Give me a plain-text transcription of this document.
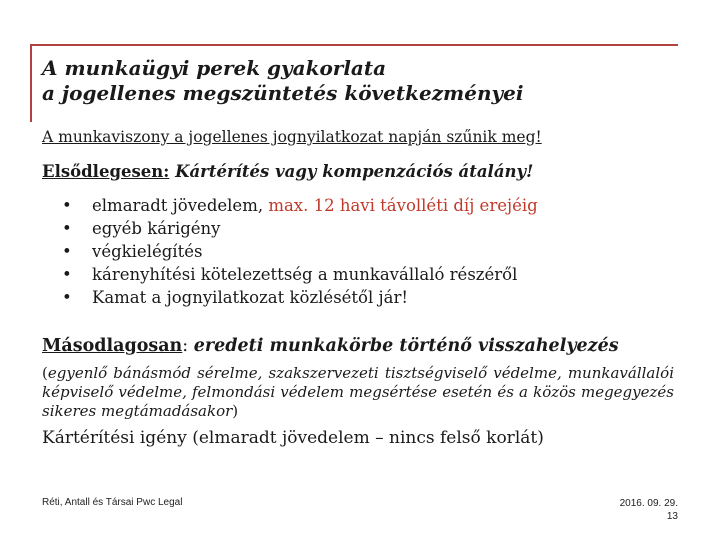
A munkaügyi perek gyakorlata
a jogellenes megszüntetés következményei
A munkaviszony a jogellenes jognyilatkozat napján szűnik meg!
Elsődlegesen: Kártérítés vagy kompenzációs átalány!
• elmaradt jövedelem, max. 12 havi távolléti díj erejéig
• egyéb kárigény
• végkielégítés
• kárenyhítési kötelezettség a munkavállaló részéről
• Kamat a jognyilatkozat közlésétől jár!
Másodlagosan: eredeti munkakörbe történő visszahelyezés
(egyenlő bánásmód sérelme, szakszervezeti tisztségviselő védelme, munkavállalói képviselő védelme, felmondási védelem megsértése esetén és a közös megegyezés sikeres megtámadásakor)
Kártérítési igény (elmaradt jövedelem – nincs felső korlát)
Réti, Antall és Társai Pwc Legal	2016. 09. 29.
13
